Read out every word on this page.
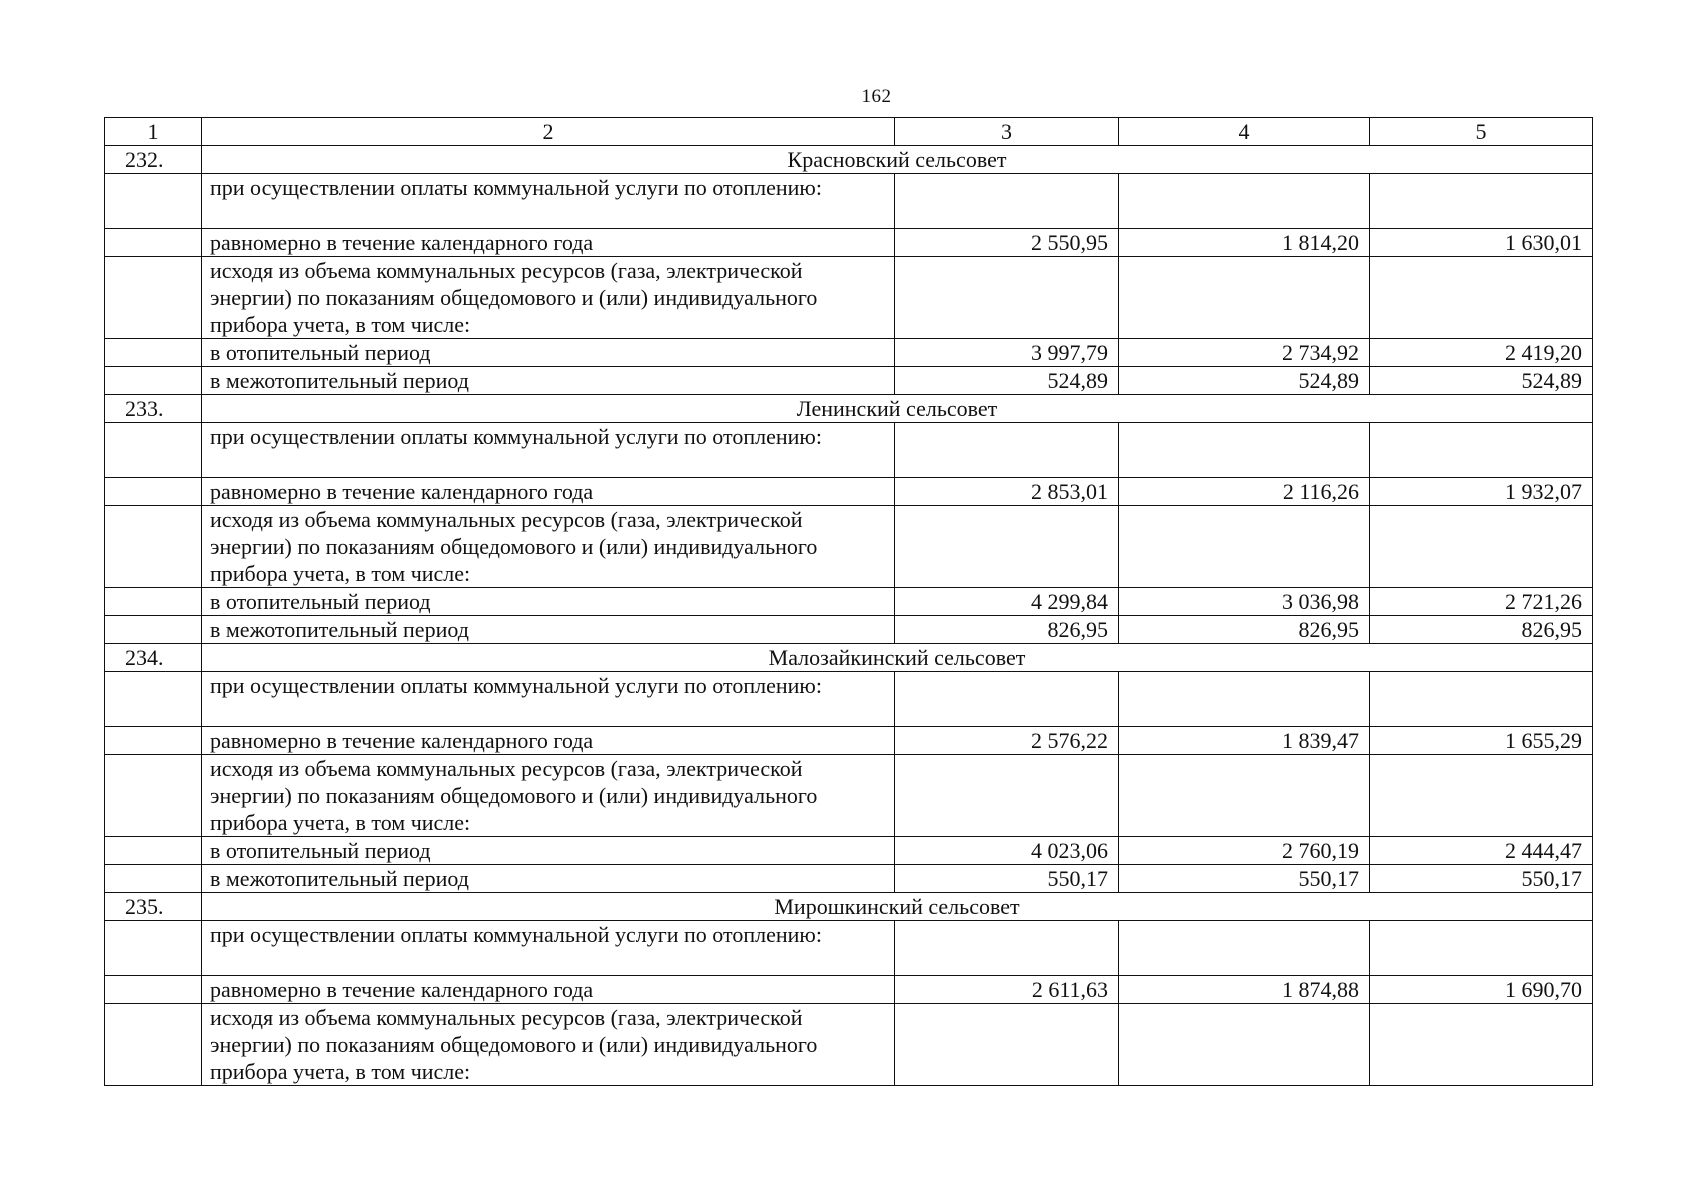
162
1	2	3	4	5
232.	Красновский сельсовет			
	при осуществлении оплаты коммунальной услуги по отоплению:			
	равномерно в течение календарного года	2 550,95	1 814,20	1 630,01
	исходя из объема коммунальных ресурсов (газа, электрической энергии) по показаниям общедомового и (или) индивидуального прибора учета, в том числе:			
	в отопительный период	3 997,79	2 734,92	2 419,20
	в межотопительный период	524,89	524,89	524,89
233.	Ленинский сельсовет			
	при осуществлении оплаты коммунальной услуги по отоплению:			
	равномерно в течение календарного года	2 853,01	2 116,26	1 932,07
	исходя из объема коммунальных ресурсов (газа, электрической энергии) по показаниям общедомового и (или) индивидуального прибора учета, в том числе:			
	в отопительный период	4 299,84	3 036,98	2 721,26
	в межотопительный период	826,95	826,95	826,95
234.	Малозайкинский сельсовет			
	при осуществлении оплаты коммунальной услуги по отоплению:			
	равномерно в течение календарного года	2 576,22	1 839,47	1 655,29
	исходя из объема коммунальных ресурсов (газа, электрической энергии) по показаниям общедомового и (или) индивидуального прибора учета, в том числе:			
	в отопительный период	4 023,06	2 760,19	2 444,47
	в межотопительный период	550,17	550,17	550,17
235.	Мирошкинский сельсовет			
	при осуществлении оплаты коммунальной услуги по отоплению:			
	равномерно в течение календарного года	2 611,63	1 874,88	1 690,70
	исходя из объема коммунальных ресурсов (газа, электрической энергии) по показаниям общедомового и (или) индивидуального прибора учета, в том числе:			
